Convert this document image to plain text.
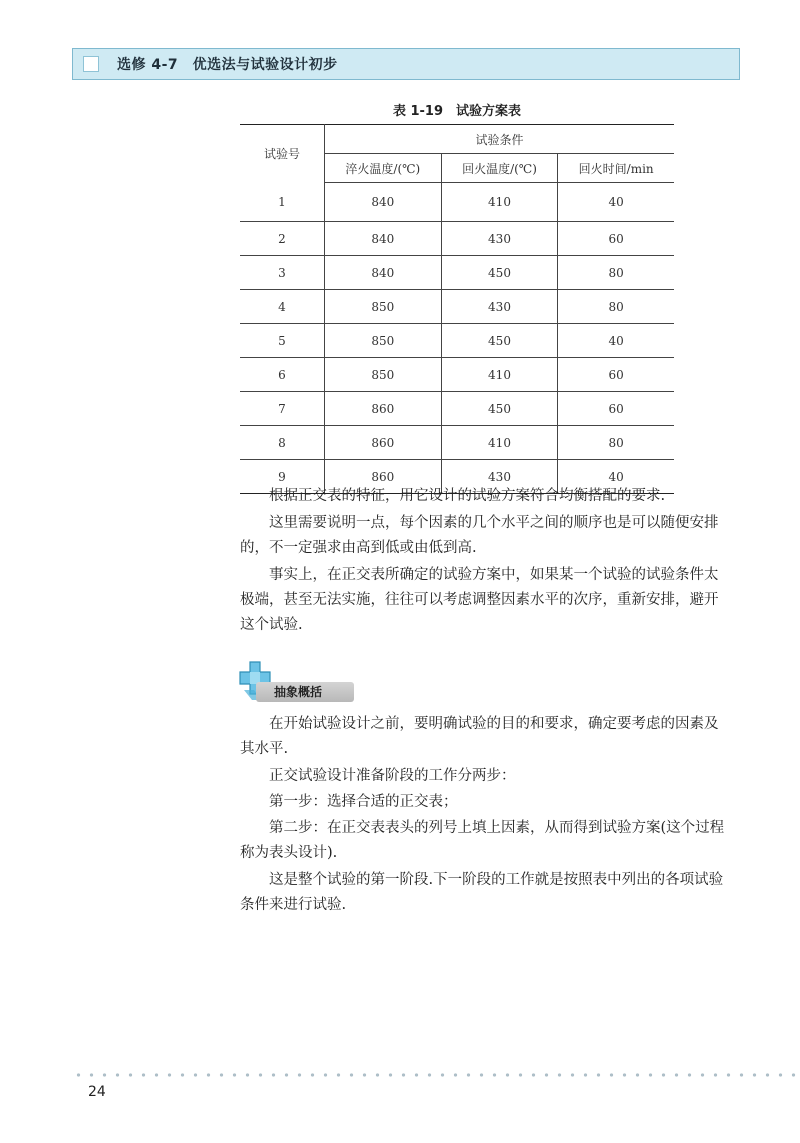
选修 4-7　优选法与试验设计初步
表 1-19　试验方案表
试验号	试验条件		
	淬火温度/(℃)	回火温度/(℃)	回火时间/min
1	840	410	40
2	840	430	60
3	840	450	80
4	850	430	80
5	850	450	40
6	850	410	60
7	860	450	60
8	860	410	80
9	860	430	40

根据正交表的特征，用它设计的试验方案符合均衡搭配的要求.

这里需要说明一点，每个因素的几个水平之间的顺序也是可以随便安排的，不一定强求由高到低或由低到高.

事实上，在正交表所确定的试验方案中，如果某一个试验的试验条件太极端，甚至无法实施，往往可以考虑调整因素水平的次序，重新安排，避开这个试验.

抽象概括

在开始试验设计之前，要明确试验的目的和要求，确定要考虑的因素及其水平.

正交试验设计准备阶段的工作分两步：

第一步：选择合适的正交表；

第二步：在正交表表头的列号上填上因素，从而得到试验方案(这个过程称为表头设计).

这是整个试验的第一阶段.下一阶段的工作就是按照表中列出的各项试验条件来进行试验.

24
